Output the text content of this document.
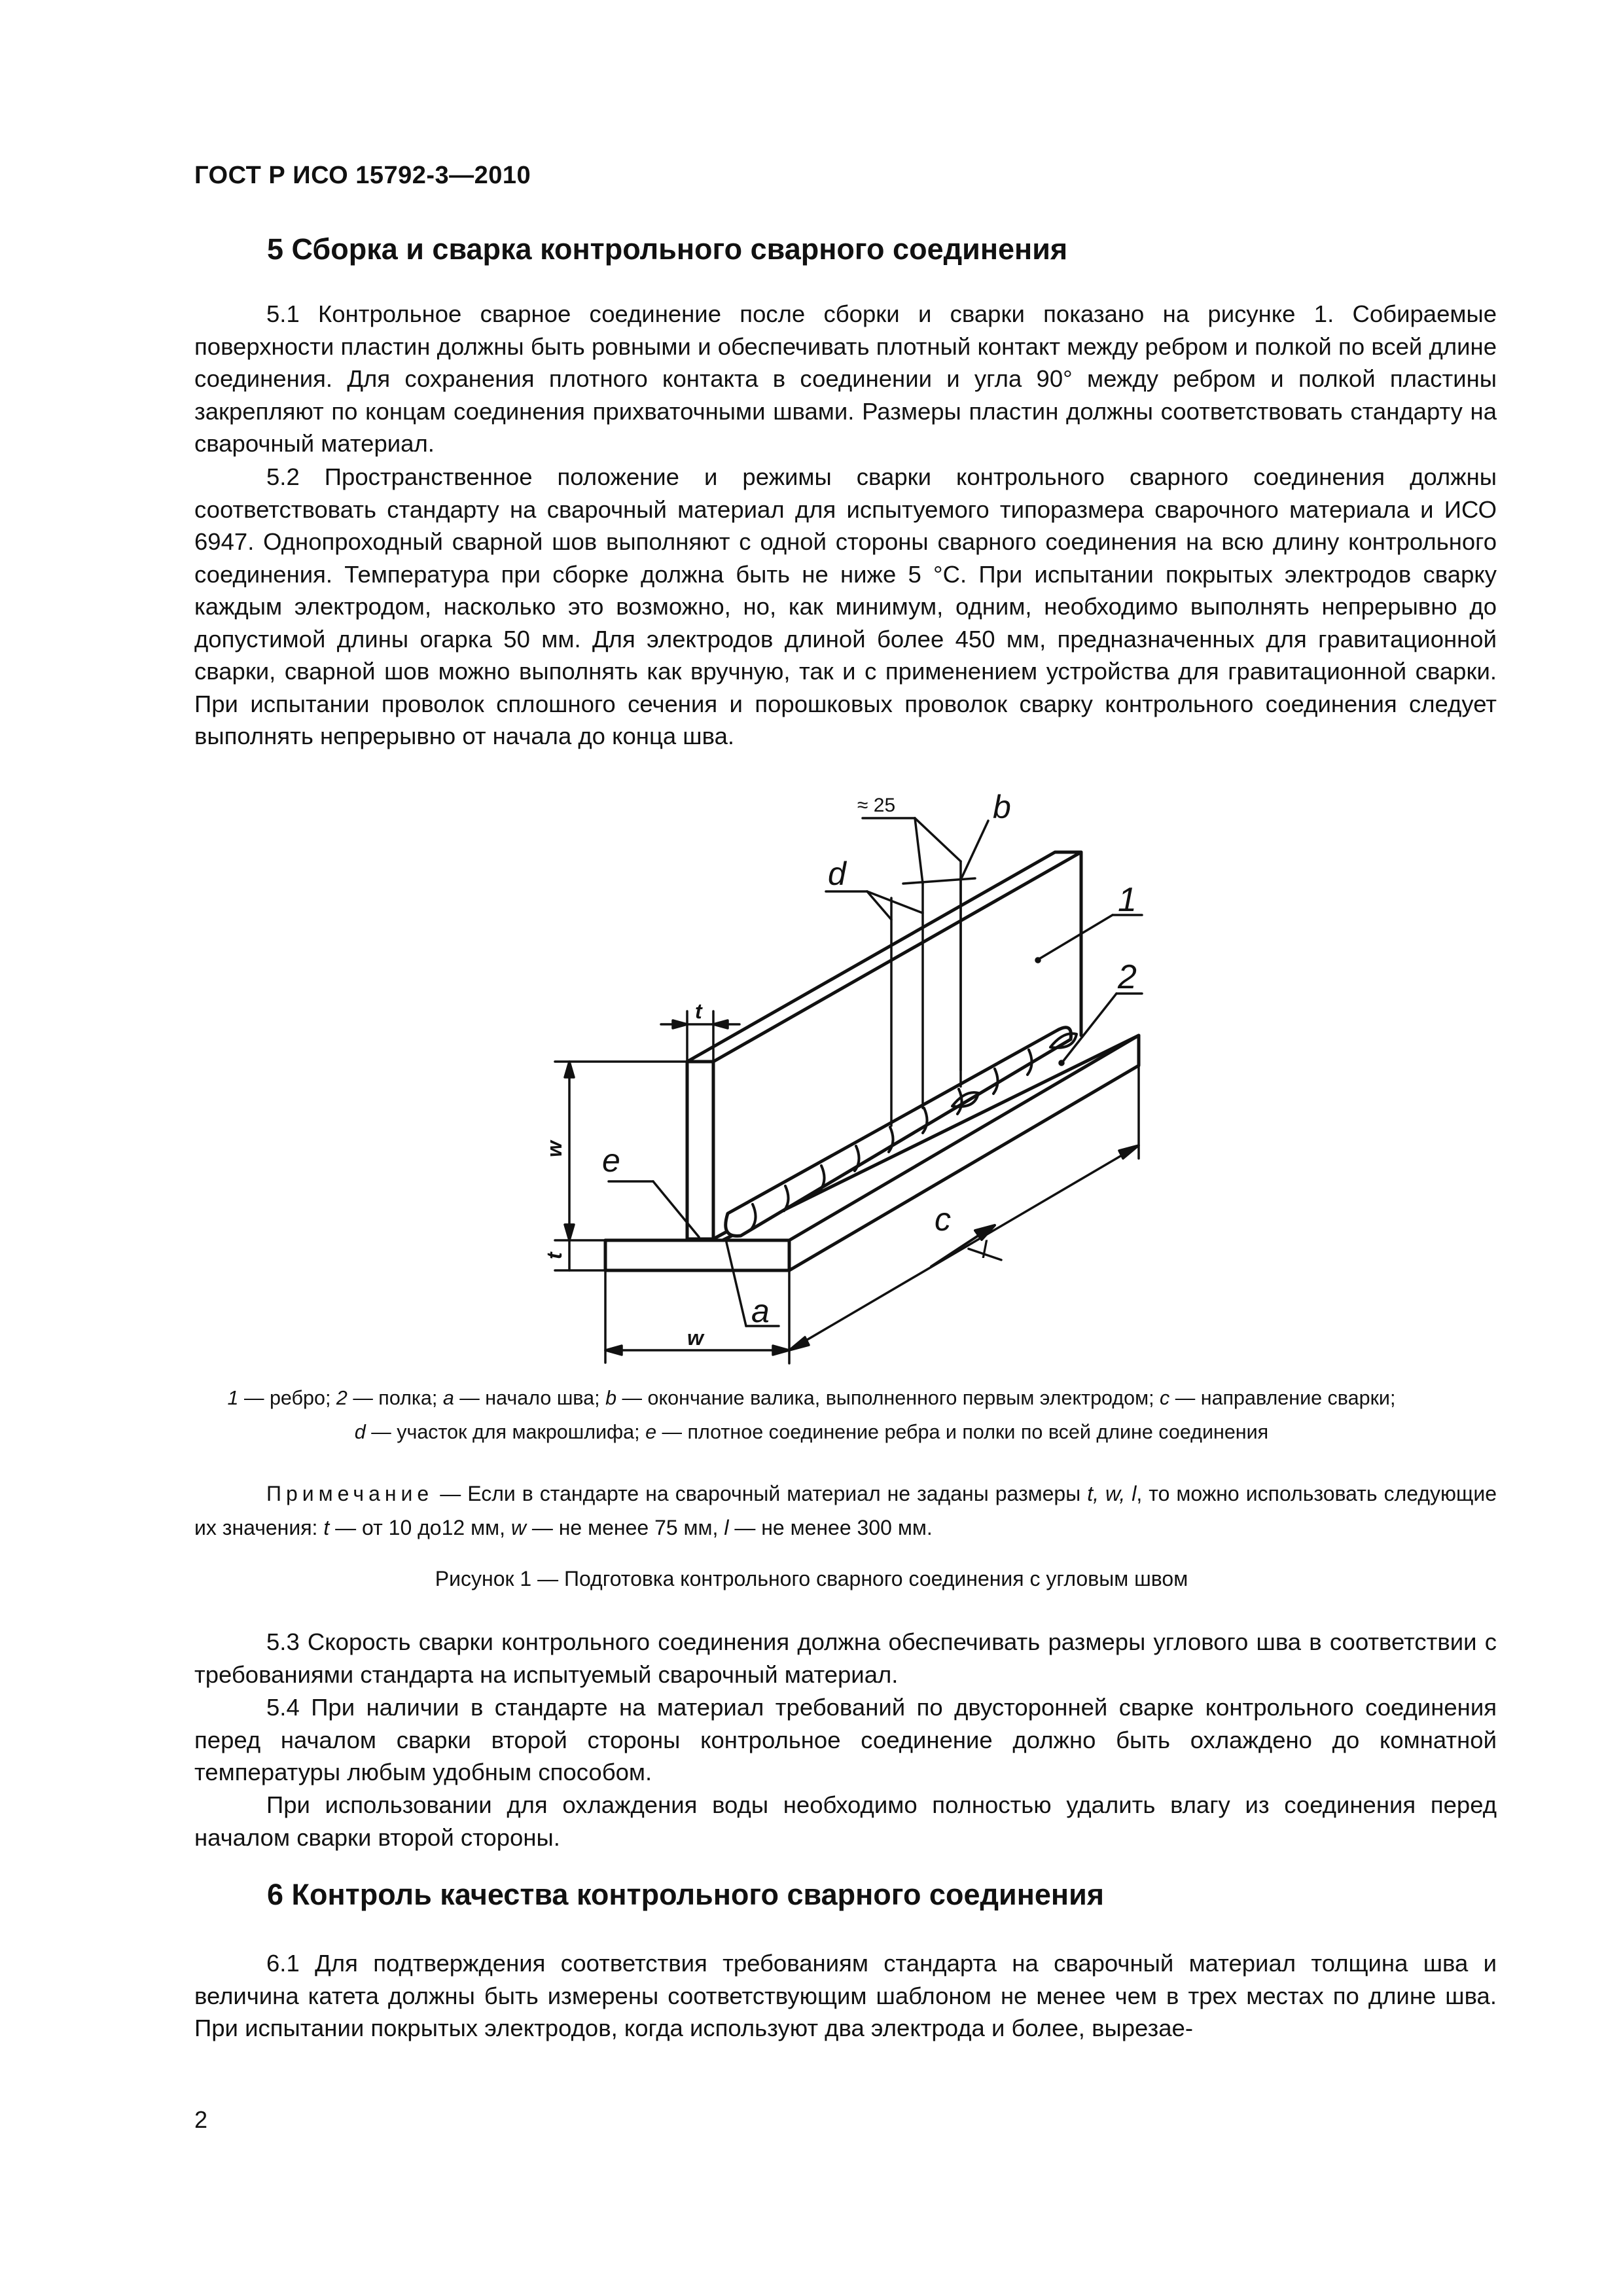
ГОСТ Р ИСО 15792-3—2010
5 Сборка и сварка контрольного сварного соединения

5.1 Контрольное сварное соединение после сборки и сварки показано на рисунке 1. Собираемые поверхности пластин должны быть ровными и обеспечивать плотный контакт между ребром и полкой по всей длине соединения. Для сохранения плотного контакта в соединении и угла 90° между ребром и полкой пластины закрепляют по концам соединения прихваточными швами. Размеры пластин должны соответствовать стандарту на сварочный материал.

5.2 Пространственное положение и режимы сварки контрольного сварного соединения должны соответствовать стандарту на сварочный материал для испытуемого типоразмера сварочного материала и ИСО 6947. Однопроходный сварной шов выполняют с одной стороны сварного соединения на всю длину контрольного соединения. Температура при сборке должна быть не ниже 5 °C. При испытании покрытых электродов сварку каждым электродом, насколько это возможно, но, как минимум, одним, необходимо выполнять непрерывно до допустимой длины огарка 50 мм. Для электродов длиной более 450 мм, предназначенных для гравитационной сварки, сварной шов можно выполнять как вручную, так и с применением устройства для гравитационной сварки. При испытании проволок сплошного сечения и порошковых проволок сварку контрольного соединения следует выполнять непрерывно от начала до конца шва.

≈ 25	b
d
1
2
e
a
c
l
w
w
t
t

1 — ребро; 2 — полка; a — начало шва; b — окончание валика, выполненного первым электродом; c — направление сварки;
d — участок для макрошлифа; e — плотное соединение ребра и полки по всей длине соединения

Примечание — Если в стандарте на сварочный материал не заданы размеры t, w, l, то можно использовать следующие их значения: t — от 10 до12 мм, w — не менее 75 мм, l — не менее 300 мм.

Рисунок 1 — Подготовка контрольного сварного соединения с угловым швом

5.3 Скорость сварки контрольного соединения должна обеспечивать размеры углового шва в соответствии с требованиями стандарта на испытуемый сварочный материал.

5.4 При наличии в стандарте на материал требований по двусторонней сварке контрольного соединения перед началом сварки второй стороны контрольное соединение должно быть охлаждено до комнатной температуры любым удобным способом.

При использовании для охлаждения воды необходимо полностью удалить влагу из соединения перед началом сварки второй стороны.

6 Контроль качества контрольного сварного соединения

6.1 Для подтверждения соответствия требованиям стандарта на сварочный материал толщина шва и величина катета должны быть измерены соответствующим шаблоном не менее чем в трех местах по длине шва. При испытании покрытых электродов, когда используют два электрода и более, вырезае-

2
